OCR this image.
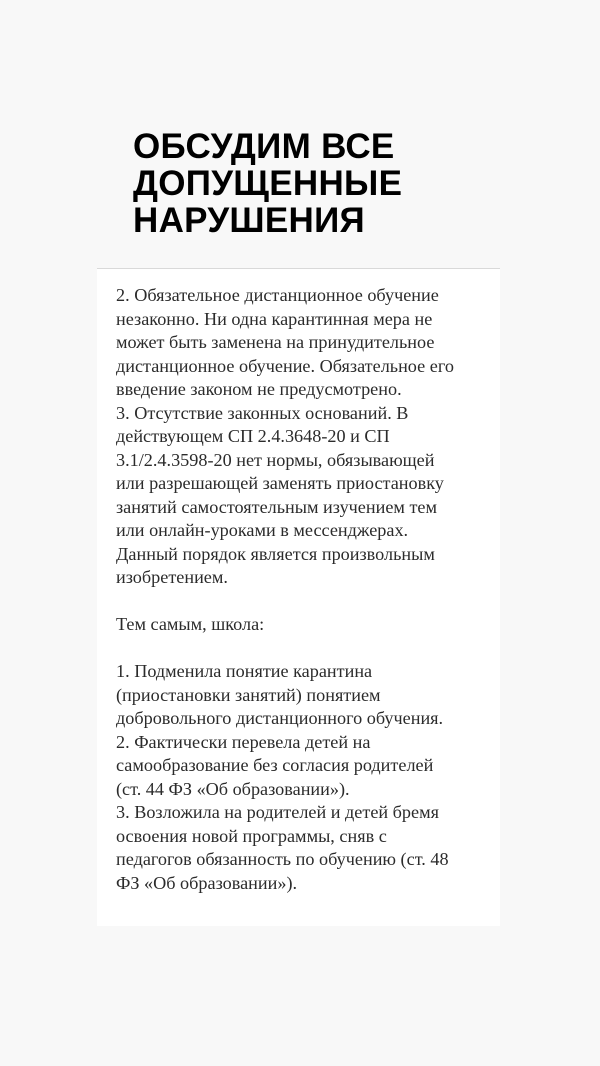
ОБСУДИМ ВСЕ
ДОПУЩЕННЫЕ
НАРУШЕНИЯ
2. Обязательное дистанционное обучение
незаконно. Ни одна карантинная мера не
может быть заменена на принудительное
дистанционное обучение. Обязательное его
введение законом не предусмотрено.
3. Отсутствие законных оснований. В
действующем СП 2.4.3648-20 и СП
3.1/2.4.3598-20 нет нормы, обязывающей
или разрешающей заменять приостановку
занятий самостоятельным изучением тем
или онлайн-уроками в мессенджерах.
Данный порядок является произвольным
изобретением.
Тем самым, школа:
1. Подменила понятие карантина
(приостановки занятий) понятием
добровольного дистанционного обучения.
2. Фактически перевела детей на
самообразование без согласия родителей
(ст. 44 ФЗ «Об образовании»).
3. Возложила на родителей и детей бремя
освоения новой программы, сняв с
педагогов обязанность по обучению (ст. 48
ФЗ «Об образовании»).
